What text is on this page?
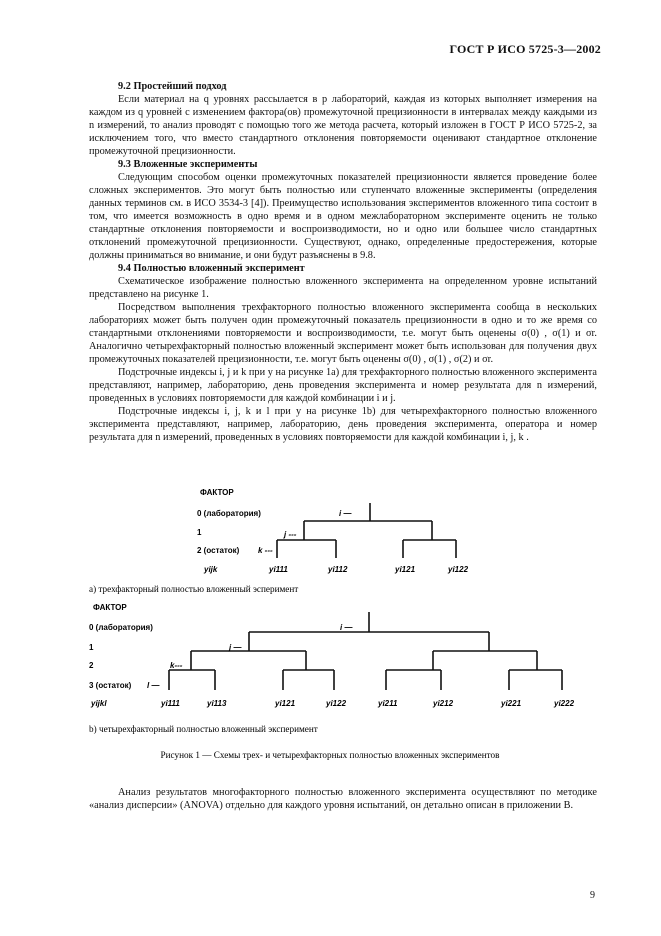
ГОСТ Р ИСО 5725-3—2002
9.2 Простейший подход

Если материал на q уровнях рассылается в p лабораторий, каждая из которых выполняет измерения на каждом из q уровней с изменением фактора(ов) промежуточной прецизионности в интервалах между каждыми из n измерений, то анализ проводят с помощью того же метода расчета, который изложен в ГОСТ Р ИСО 5725-2, за исключением того, что вместо стандартного отклонения повторяемости оценивают стандартное отклонение промежуточной прецизионности.

9.3 Вложенные эксперименты

Следующим способом оценки промежуточных показателей прецизионности является проведение более сложных экспериментов. Это могут быть полностью или ступенчато вложенные эксперименты (определения данных терминов см. в ИСО 3534-3 [4]). Преимущество использования экспериментов вложенного типа состоит в том, что имеется возможность в одно время и в одном межлабораторном эксперименте оценить не только стандартные отклонения повторяемости и воспроизводимости, но и одно или большее число стандартных отклонений промежуточной прецизионности. Существуют, однако, определенные предостережения, которые должны приниматься во внимание, и они будут разъяснены в 9.8.

9.4 Полностью вложенный эксперимент

Схематическое изображение полностью вложенного эксперимента на определенном уровне испытаний представлено на рисунке 1.

Посредством выполнения трехфакторного полностью вложенного эксперимента сообща в нескольких лабораториях может быть получен один промежуточный показатель прецизионности в одно и то же время со стандартными отклонениями повторяемости и воспроизводимости, т.е. могут быть оценены σ(0) , σ(1) и σr. Аналогично четырехфакторный полностью вложенный эксперимент может быть использован для получения двух промежуточных показателей прецизионности, т.е. могут быть оценены σ(0) , σ(1) , σ(2) и σr.

Подстрочные индексы i, j и k при y на рисунке 1a) для трехфакторного полностью вложенного эксперимента представляют, например, лабораторию, день проведения эксперимента и номер результата для n измерений, проведенных в условиях повторяемости для каждой комбинации i и j.

Подстрочные индексы i, j, k и l при y на рисунке 1b) для четырехфакторного полностью вложенного эксперимента представляют, например, лабораторию, день проведения эксперимента, оператора и номер результата для n измерений, проведенных в условиях повторяемости для каждой комбинации i, j, k .

ФАКТОР
0 (лаборатория)
1
2 (остаток)
yijk
i —
j ---
k ---
yi111	yi112	yi121	yi122
a) трехфакторный полностью вложенный эсперимент
ФАКТОР
0 (лаборатория)
1
2
3 (остаток)
yijkl
i —
j —
k---
l —
yi111	yi113	yi121	yi122	yi211	yi212	yi221	yi222
b) четырехфакторный полностью вложенный эксперимент
Рисунок 1 — Схемы трех- и четырехфакторных полностью вложенных экспериментов
Анализ результатов многофакторного полностью вложенного эксперимента осуществляют по методике «анализ дисперсии» (ANOVA) отдельно для каждого уровня испытаний, он детально описан в приложении B.
9
